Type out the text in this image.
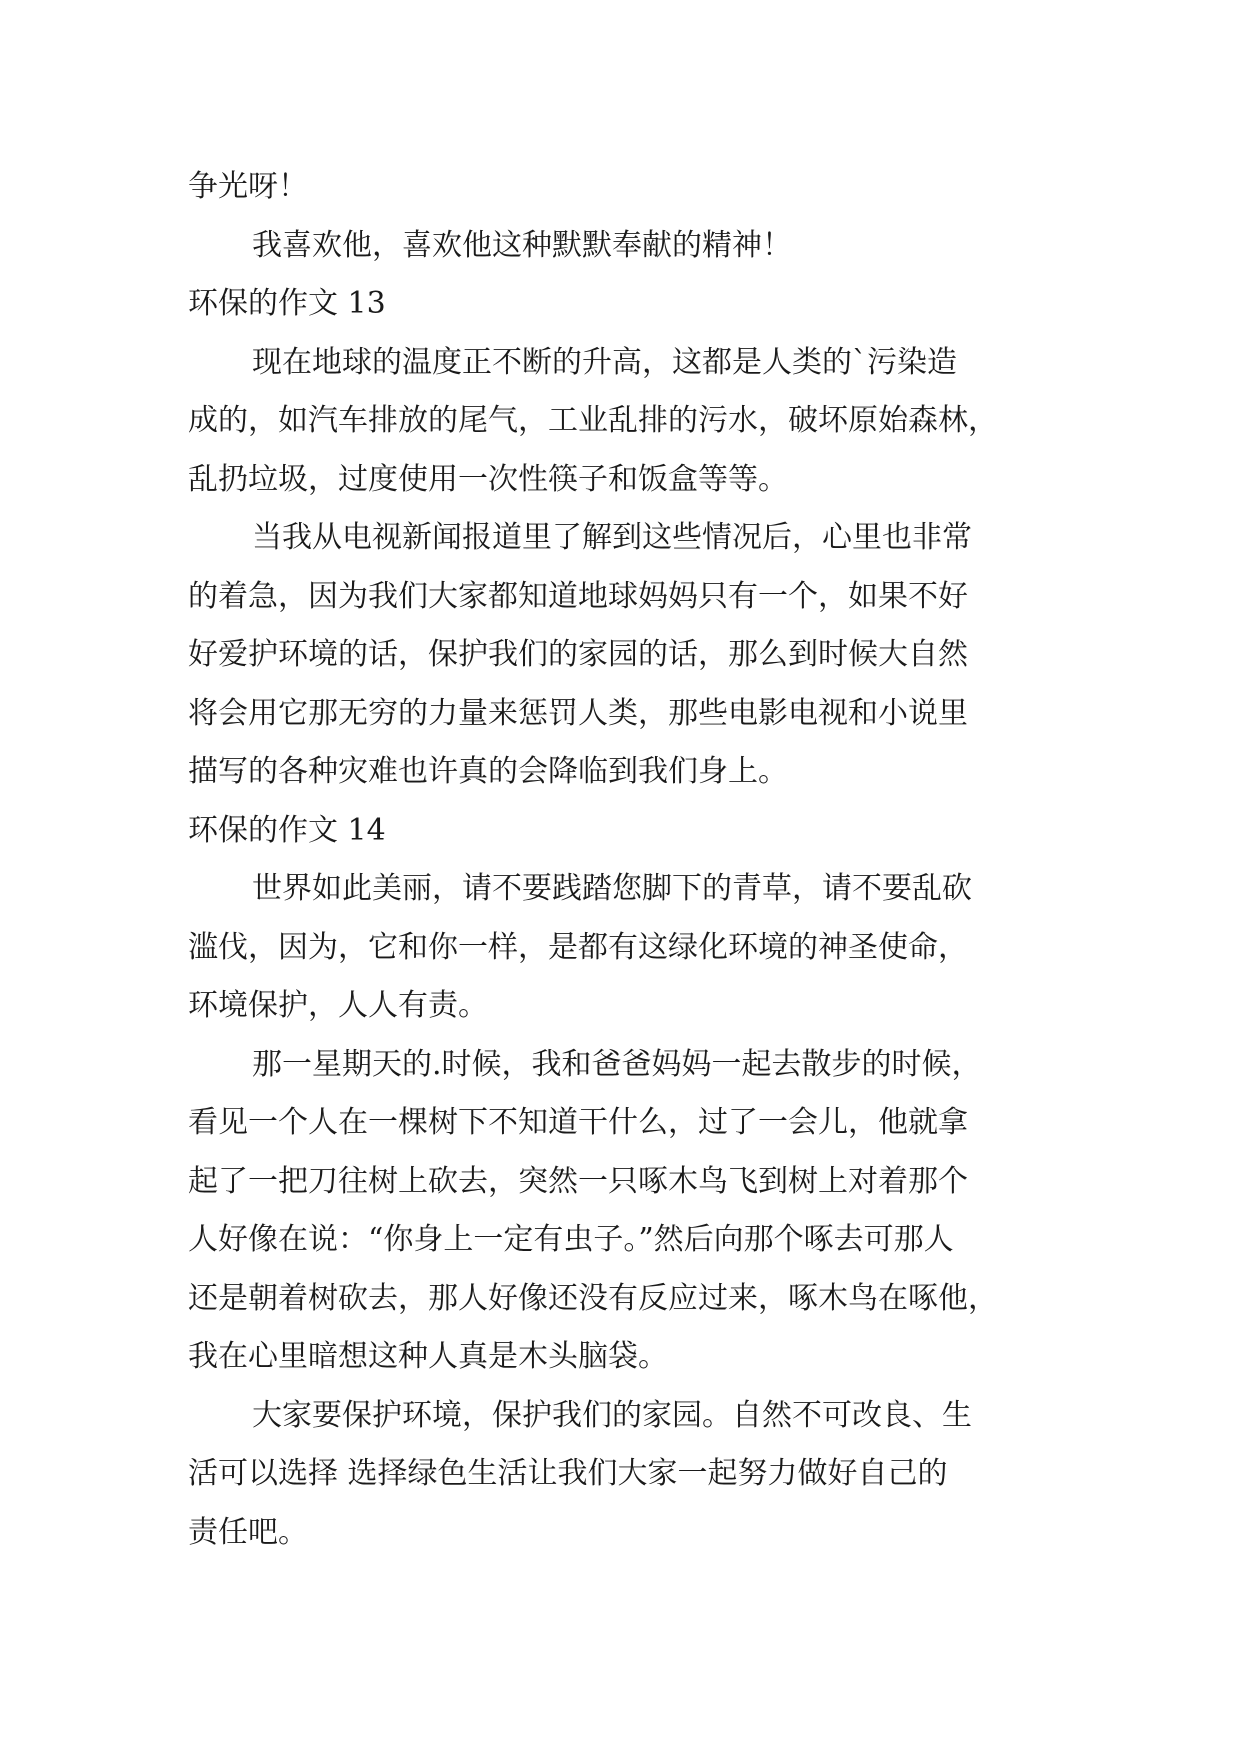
争光呀！
我喜欢他，喜欢他这种默默奉献的精神！
环保的作文 13
现在地球的温度正不断的升高，这都是人类的`污染造
成的，如汽车排放的尾气，工业乱排的污水，破坏原始森林，
乱扔垃圾，过度使用一次性筷子和饭盒等等。
当我从电视新闻报道里了解到这些情况后，心里也非常
的着急，因为我们大家都知道地球妈妈只有一个，如果不好
好爱护环境的话，保护我们的家园的话，那么到时候大自然
将会用它那无穷的力量来惩罚人类，那些电影电视和小说里
描写的各种灾难也许真的会降临到我们身上。
环保的作文 14
世界如此美丽，请不要践踏您脚下的青草，请不要乱砍
滥伐，因为，它和你一样，是都有这绿化环境的神圣使命，
环境保护，人人有责。
那一星期天的.时候，我和爸爸妈妈一起去散步的时候，
看见一个人在一棵树下不知道干什么，过了一会儿，他就拿
起了一把刀往树上砍去，突然一只啄木鸟飞到树上对着那个
人好像在说：“你身上一定有虫子。”然后向那个啄去可那人
还是朝着树砍去，那人好像还没有反应过来，啄木鸟在啄他，
我在心里暗想这种人真是木头脑袋。
大家要保护环境，保护我们的家园。自然不可改良、生
活可以选择 选择绿色生活让我们大家一起努力做好自己的
责任吧。
